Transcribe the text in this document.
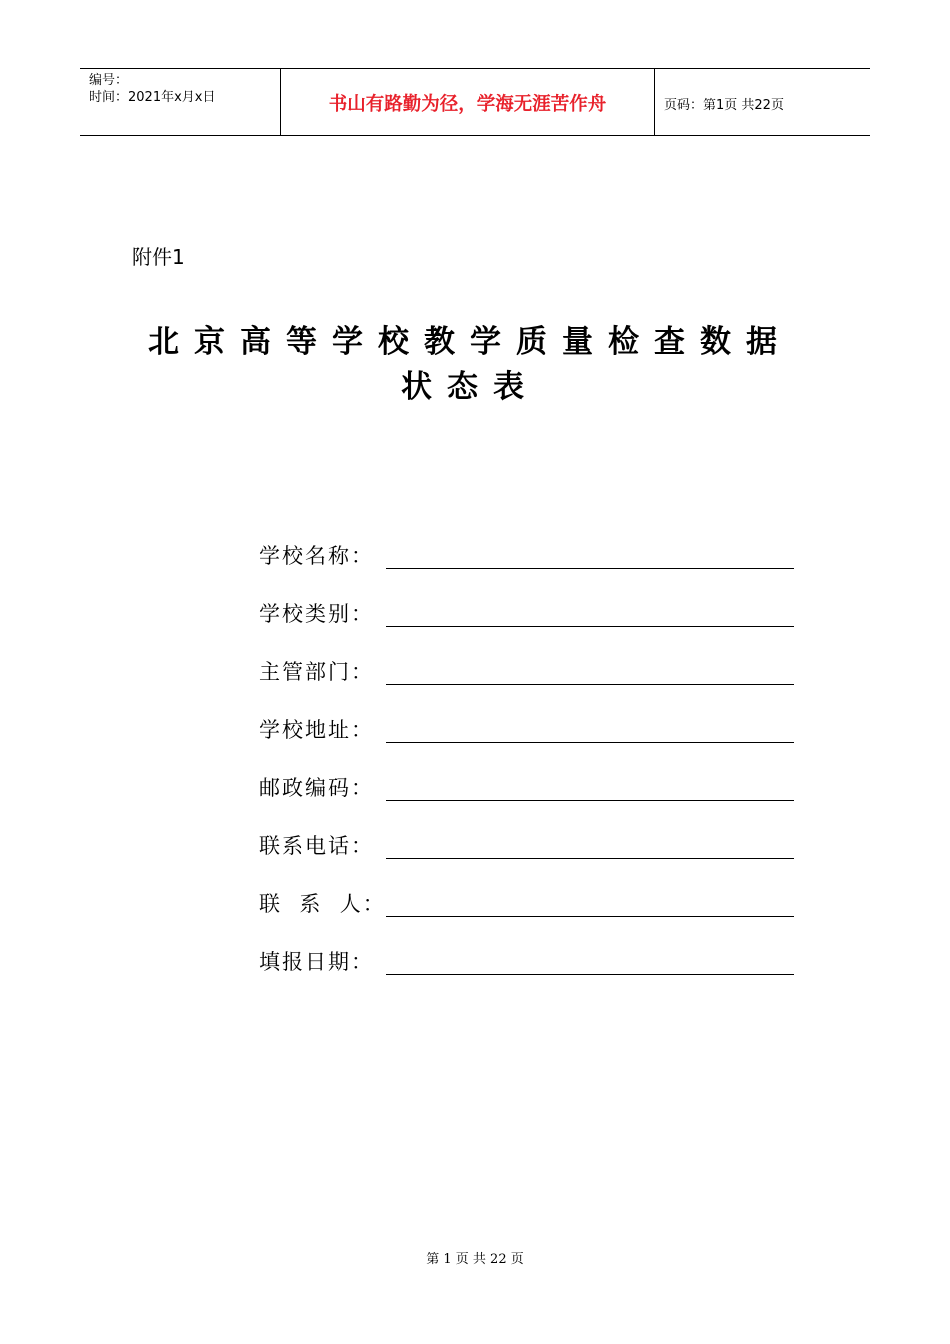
编号：
时间：2021年x月x日	书山有路勤为径，学海无涯苦作舟	页码：第1页 共22页
附件1
北京高等学校教学质量检查数据
状态表
学校名称：
学校类别：
主管部门：
学校地址：
邮政编码：
联系电话：
联  系  人：
填报日期：
第 1 页 共 22 页
